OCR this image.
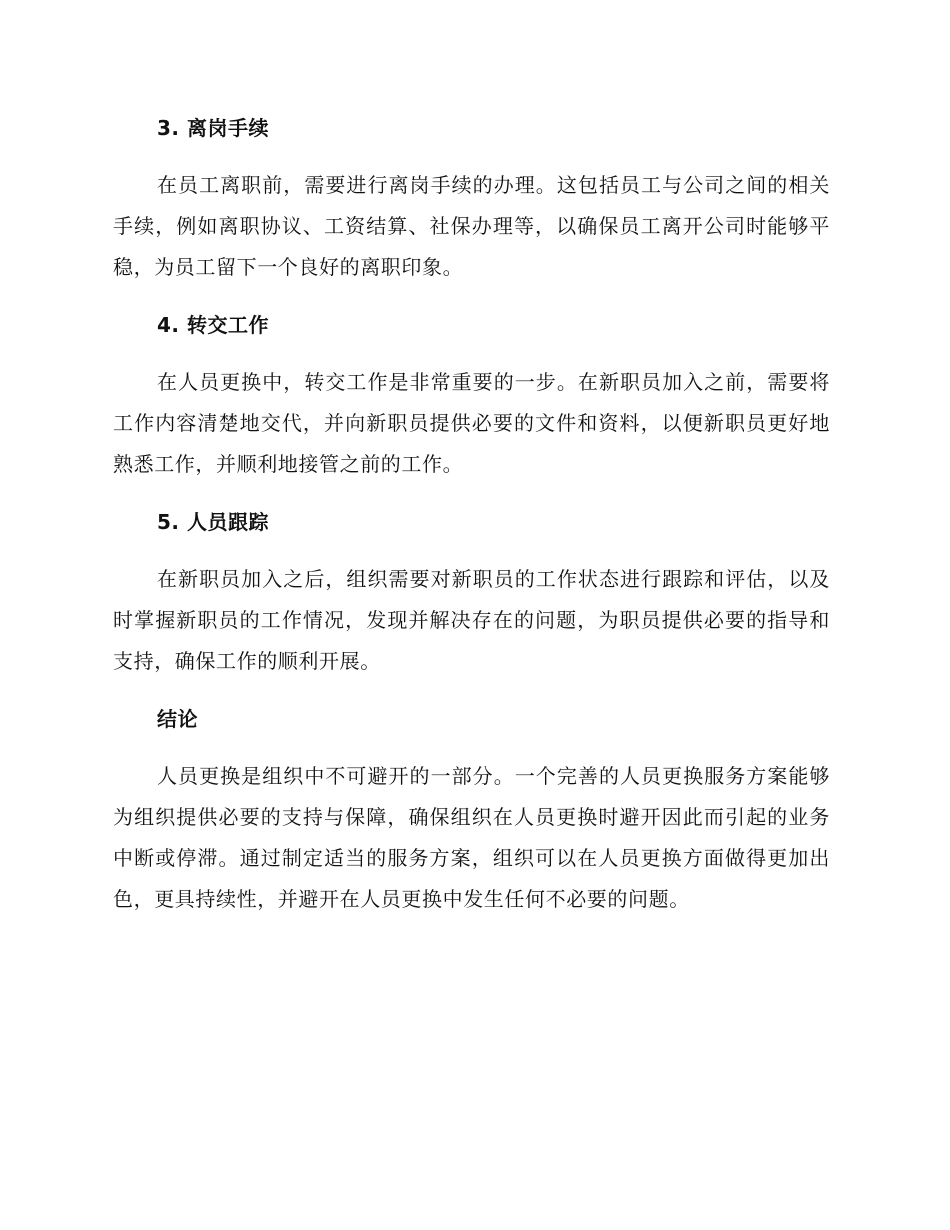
3. 离岗手续

在员工离职前，需要进行离岗手续的办理。这包括员工与公司之间的相关手续，例如离职协议、工资结算、社保办理等，以确保员工离开公司时能够平稳，为员工留下一个良好的离职印象。

4. 转交工作

在人员更换中，转交工作是非常重要的一步。在新职员加入之前，需要将工作内容清楚地交代，并向新职员提供必要的文件和资料，以便新职员更好地熟悉工作，并顺利地接管之前的工作。

5. 人员跟踪

在新职员加入之后，组织需要对新职员的工作状态进行跟踪和评估，以及时掌握新职员的工作情况，发现并解决存在的问题，为职员提供必要的指导和支持，确保工作的顺利开展。

结论

人员更换是组织中不可避开的一部分。一个完善的人员更换服务方案能够为组织提供必要的支持与保障，确保组织在人员更换时避开因此而引起的业务中断或停滞。通过制定适当的服务方案，组织可以在人员更换方面做得更加出色，更具持续性，并避开在人员更换中发生任何不必要的问题。
